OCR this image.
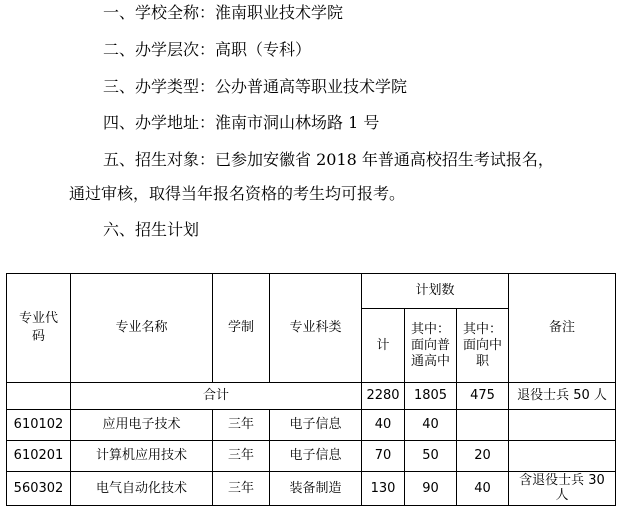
一、学校全称：淮南职业技术学院
二、办学层次：高职（专科）
三、办学类型：公办普通高等职业技术学院
四、办学地址：淮南市洞山林场路 1 号
五、招生对象：已参加安徽省 2018 年普通高校招生考试报名，
通过审核，取得当年报名资格的考生均可报考。
六、招生计划
专业代码	专业名称	学制	专业科类	计划数			备注
				计	其中：面向普通高中	其中：面向中职	
	合计			2280	1805	475	退役士兵 50 人
610102	应用电子技术	三年	电子信息	40	40		
610201	计算机应用技术	三年	电子信息	70	50	20	
560302	电气自动化技术	三年	装备制造	130	90	40	含退役士兵 30 人
